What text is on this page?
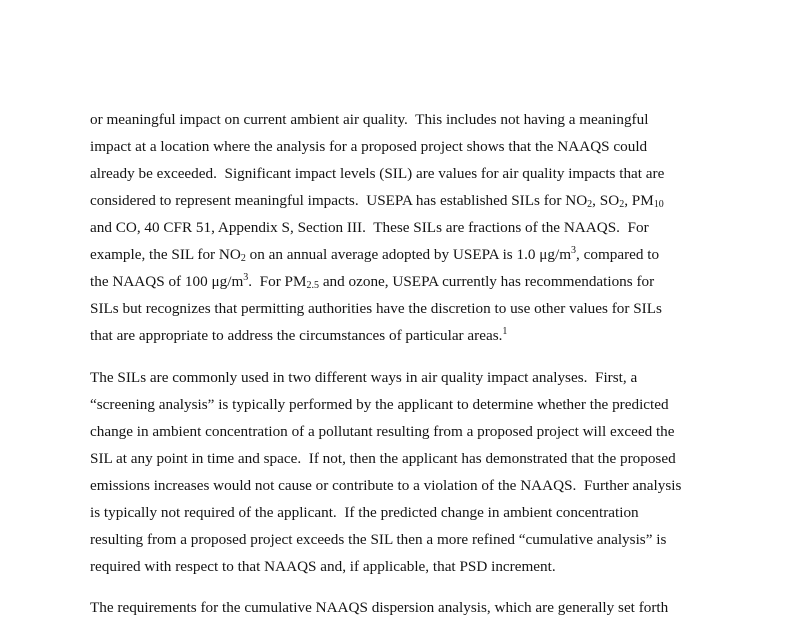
or meaningful impact on current ambient air quality.  This includes not having a meaningful
impact at a location where the analysis for a proposed project shows that the NAAQS could
already be exceeded.  Significant impact levels (SIL) are values for air quality impacts that are
considered to represent meaningful impacts.  USEPA has established SILs for $NO_2$, $SO_2$, $PM_{10}$
and CO, 40 CFR 51, Appendix S, Section III.  These SILs are fractions of the NAAQS.  For
example, the SIL for $NO_2$ on an annual average adopted by USEPA is 1.0 $\mu g/m^3$, compared to
the NAAQS of 100 $\mu g/m^3$.  For $PM_{2.5}$ and ozone, USEPA currently has recommendations for
SILs but recognizes that permitting authorities have the discretion to use other values for SILs
that are appropriate to address the circumstances of particular areas.$^1$
The SILs are commonly used in two different ways in air quality impact analyses.  First, a
“screening analysis” is typically performed by the applicant to determine whether the predicted
change in ambient concentration of a pollutant resulting from a proposed project will exceed the
SIL at any point in time and space.  If not, then the applicant has demonstrated that the proposed
emissions increases would not cause or contribute to a violation of the NAAQS.  Further analysis
is typically not required of the applicant.  If the predicted change in ambient concentration
resulting from a proposed project exceeds the SIL then a more refined “cumulative analysis” is
required with respect to that NAAQS and, if applicable, that PSD increment.
The requirements for the cumulative NAAQS dispersion analysis, which are generally set forth
